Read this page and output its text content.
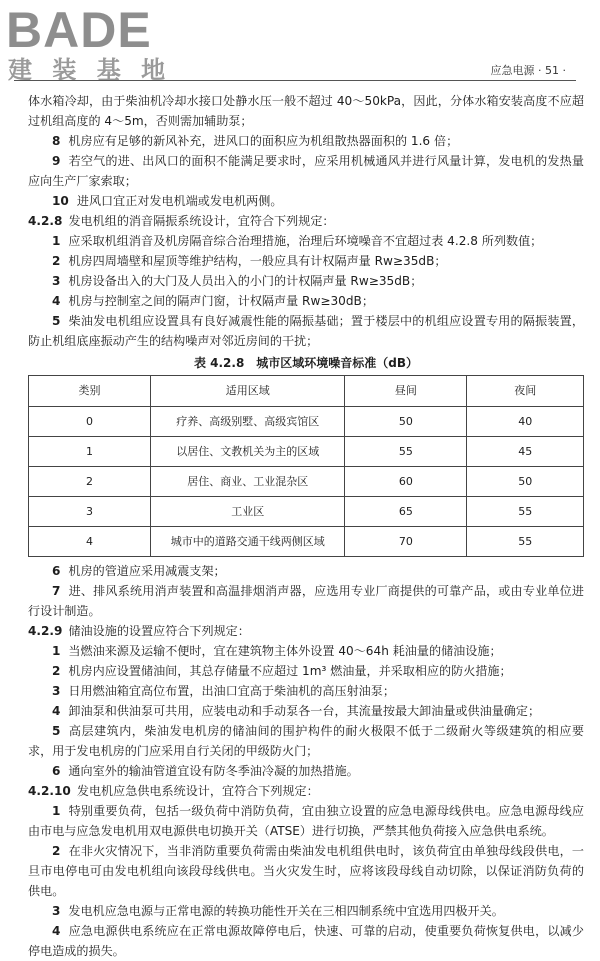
BADE
建 装 基 地	应急电源 · 51 ·

体水箱冷却，由于柴油机冷却水接口处静水压一般不超过 40～50kPa，因此，分体水箱安装高度不应超过机组高度的 4～5m，否则需加辅助泵；

8 机房应有足够的新风补充，进风口的面积应为机组散热器面积的 1.6 倍；

9 若空气的进、出风口的面积不能满足要求时，应采用机械通风并进行风量计算，发电机的发热量应向生产厂家索取；

10 进风口宜正对发电机端或发电机两侧。

4.2.8 发电机组的消音隔振系统设计，宜符合下列规定：

1 应采取机组消音及机房隔音综合治理措施，治理后环境噪音不宜超过表 4.2.8 所列数值；

2 机房四周墙壁和屋顶等维护结构，一般应具有计权隔声量 Rw≥35dB；

3 机房设备出入的大门及人员出入的小门的计权隔声量 Rw≥35dB；

4 机房与控制室之间的隔声门窗，计权隔声量 Rw≥30dB；

5 柴油发电机组应设置具有良好减震性能的隔振基础；置于楼层中的机组应设置专用的隔振装置，防止机组底座振动产生的结构噪声对邻近房间的干扰；

表 4.2.8　城市区域环境噪音标准（dB）
类别	适用区域	昼间	夜间
0	疗养、高级别墅、高级宾馆区	50	40
1	以居住、文教机关为主的区域	55	45
2	居住、商业、工业混杂区	60	50
3	工业区	65	55
4	城市中的道路交通干线两侧区域	70	55

6 机房的管道应采用减震支架；

7 进、排风系统用消声装置和高温排烟消声器，应选用专业厂商提供的可靠产品，或由专业单位进行设计制造。

4.2.9 储油设施的设置应符合下列规定：

1 当燃油来源及运输不便时，宜在建筑物主体外设置 40～64h 耗油量的储油设施；

2 机房内应设置储油间，其总存储量不应超过 1m³ 燃油量，并采取相应的防火措施；

3 日用燃油箱宜高位布置，出油口宜高于柴油机的高压射油泵；

4 卸油泵和供油泵可共用，应装电动和手动泵各一台，其流量按最大卸油量或供油量确定；

5 高层建筑内，柴油发电机房的储油间的围护构件的耐火极限不低于二级耐火等级建筑的相应要求，用于发电机房的门应采用自行关闭的甲级防火门；

6 通向室外的输油管道宜设有防冬季油冷凝的加热措施。

4.2.10 发电机应急供电系统设计，宜符合下列规定：

1 特别重要负荷，包括一级负荷中消防负荷，宜由独立设置的应急电源母线供电。应急电源母线应由市电与应急发电机用双电源供电切换开关（ATSE）进行切换，严禁其他负荷接入应急供电系统。

2 在非火灾情况下，当非消防重要负荷需由柴油发电机组供电时，该负荷宜由单独母线段供电，一旦市电停电可由发电机组向该段母线供电。当火灾发生时，应将该段母线自动切除，以保证消防负荷的供电。

3 发电机应急电源与正常电源的转换功能性开关在三相四制系统中宜选用四极开关。

4 应急电源供电系统应在正常电源故障停电后，快速、可靠的启动，使重要负荷恢复供电，以减少停电造成的损失。
